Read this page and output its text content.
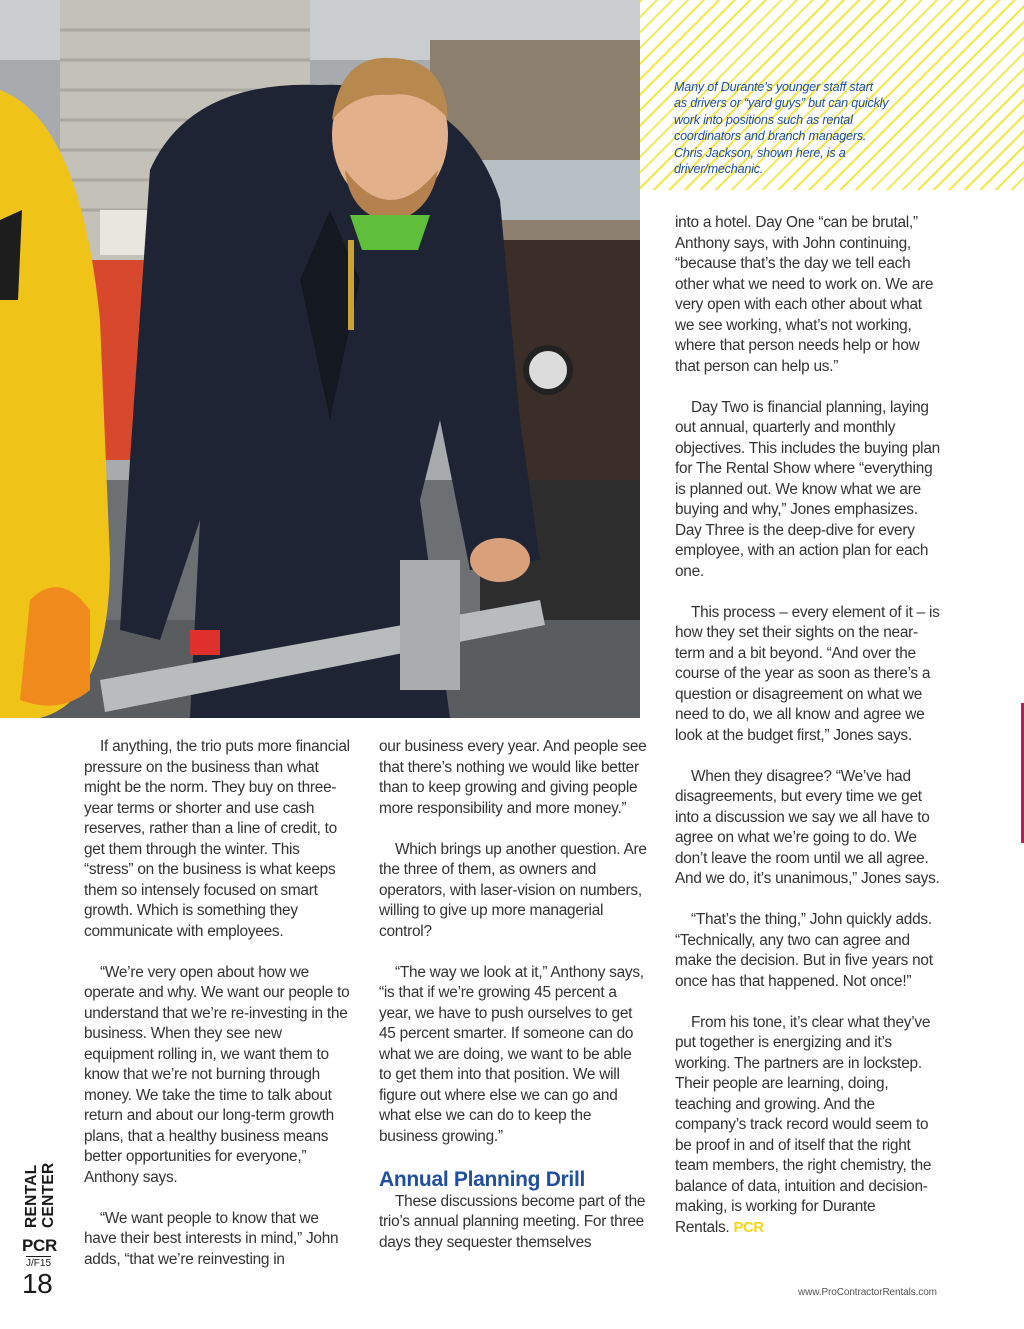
Many of Durante’s younger staff start as drivers or “yard guys” but can quickly work into positions such as rental coordinators and branch managers. Chris Jackson, shown here, is a driver/mechanic.

If anything, the trio puts more financial pressure on the business than what might be the norm. They buy on three-year terms or shorter and use cash reserves, rather than a line of credit, to get them through the winter. This “stress” on the business is what keeps them so intensely focused on smart growth. Which is something they communicate with employees.

“We’re very open about how we operate and why. We want our people to understand that we’re re-investing in the business. When they see new equipment rolling in, we want them to know that we’re not burning through money. We take the time to talk about return and about our long-term growth plans, that a healthy business means better opportunities for everyone,” Anthony says.

“We want people to know that we have their best interests in mind,” John adds, “that we’re reinvesting in

our business every year. And people see that there’s nothing we would like better than to keep growing and giving people more responsibility and more money.”

Which brings up another question. Are the three of them, as owners and operators, with laser-vision on numbers, willing to give up more managerial control?

“The way we look at it,” Anthony says, “is that if we’re growing 45 percent a year, we have to push ourselves to get 45 percent smarter. If someone can do what we are doing, we want to be able to get them into that position. We will figure out where else we can go and what else we can do to keep the business growing.”

Annual Planning Drill

These discussions become part of the trio’s annual planning meeting. For three days they sequester themselves

into a hotel. Day One “can be brutal,” Anthony says, with John continuing, “because that’s the day we tell each other what we need to work on. We are very open with each other about what we see working, what’s not working, where that person needs help or how that person can help us.”

Day Two is financial planning, laying out annual, quarterly and monthly objectives. This includes the buying plan for The Rental Show where “everything is planned out. We know what we are buying and why,” Jones emphasizes. Day Three is the deep-dive for every employee, with an action plan for each one.

This process – every element of it – is how they set their sights on the near-term and a bit beyond. “And over the course of the year as soon as there’s a question or disagreement on what we need to do, we all know and agree we look at the budget first,” Jones says.

When they disagree? “We’ve had disagreements, but every time we get into a discussion we say we all have to agree on what we’re going to do. We don’t leave the room until we all agree. And we do, it’s unanimous,” Jones says.

“That’s the thing,” John quickly adds. “Technically, any two can agree and make the decision. But in five years not once has that happened. Not once!”

From his tone, it’s clear what they’ve put together is energizing and it’s working. The partners are in lockstep. Their people are learning, doing, teaching and growing. And the company’s track record would seem to be proof in and of itself that the right team members, the right chemistry, the balance of data, intuition and decision-making, is working for Durante Rentals. PCR

RENTAL
CENTER
PCR
J/F15
18	www.ProContractorRentals.com
